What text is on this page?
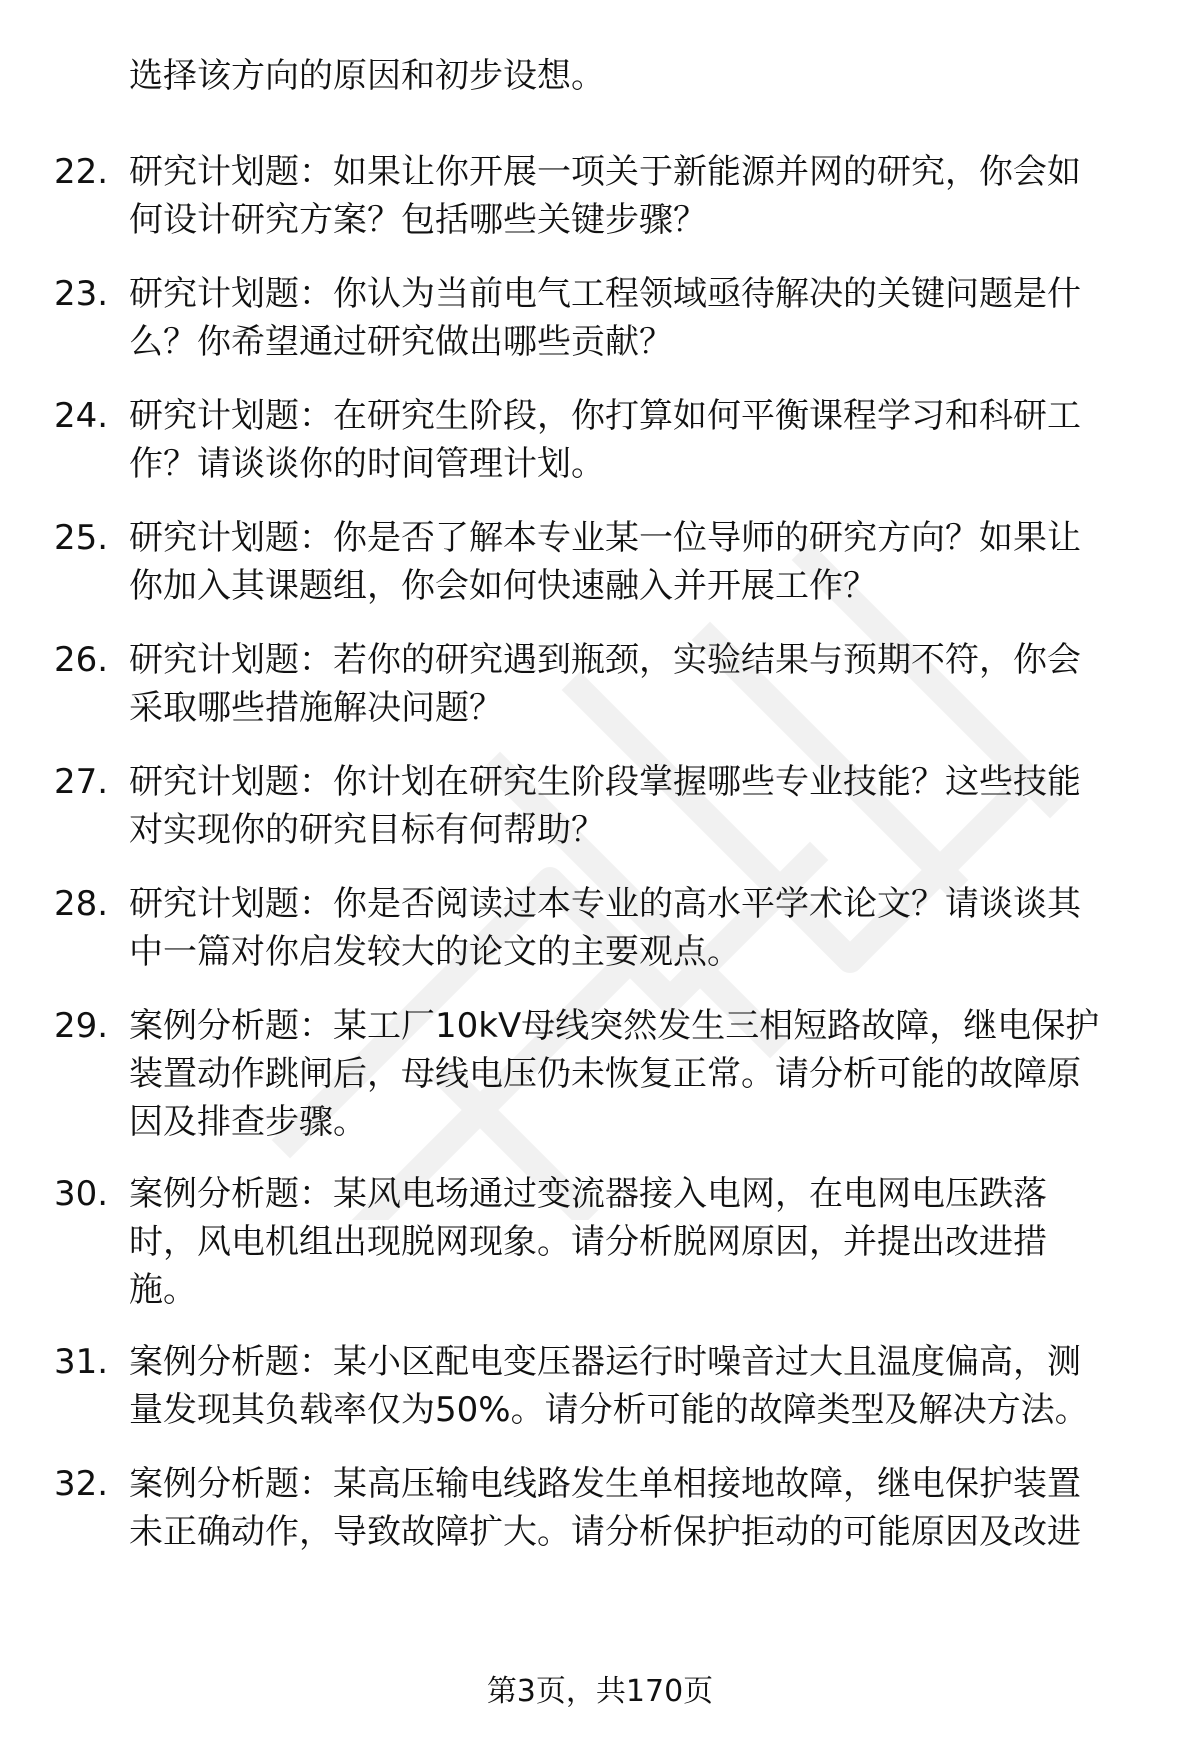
选择该方向的原因和初步设想。
22. 研究计划题：如果让你开展一项关于新能源并网的研究，你会如
何设计研究方案？包括哪些关键步骤？
23. 研究计划题：你认为当前电气工程领域亟待解决的关键问题是什
么？你希望通过研究做出哪些贡献？
24. 研究计划题：在研究生阶段，你打算如何平衡课程学习和科研工
作？请谈谈你的时间管理计划。
25. 研究计划题：你是否了解本专业某一位导师的研究方向？如果让
你加入其课题组，你会如何快速融入并开展工作？
26. 研究计划题：若你的研究遇到瓶颈，实验结果与预期不符，你会
采取哪些措施解决问题？
27. 研究计划题：你计划在研究生阶段掌握哪些专业技能？这些技能
对实现你的研究目标有何帮助？
28. 研究计划题：你是否阅读过本专业的高水平学术论文？请谈谈其
中一篇对你启发较大的论文的主要观点。
29. 案例分析题：某工厂10kV母线突然发生三相短路故障，继电保护
装置动作跳闸后，母线电压仍未恢复正常。请分析可能的故障原
因及排查步骤。
30. 案例分析题：某风电场通过变流器接入电网，在电网电压跌落
时，风电机组出现脱网现象。请分析脱网原因，并提出改进措
施。
31. 案例分析题：某小区配电变压器运行时噪音过大且温度偏高，测
量发现其负载率仅为50%。请分析可能的故障类型及解决方法。
32. 案例分析题：某高压输电线路发生单相接地故障，继电保护装置
未正确动作，导致故障扩大。请分析保护拒动的可能原因及改进
第3页，共170页
